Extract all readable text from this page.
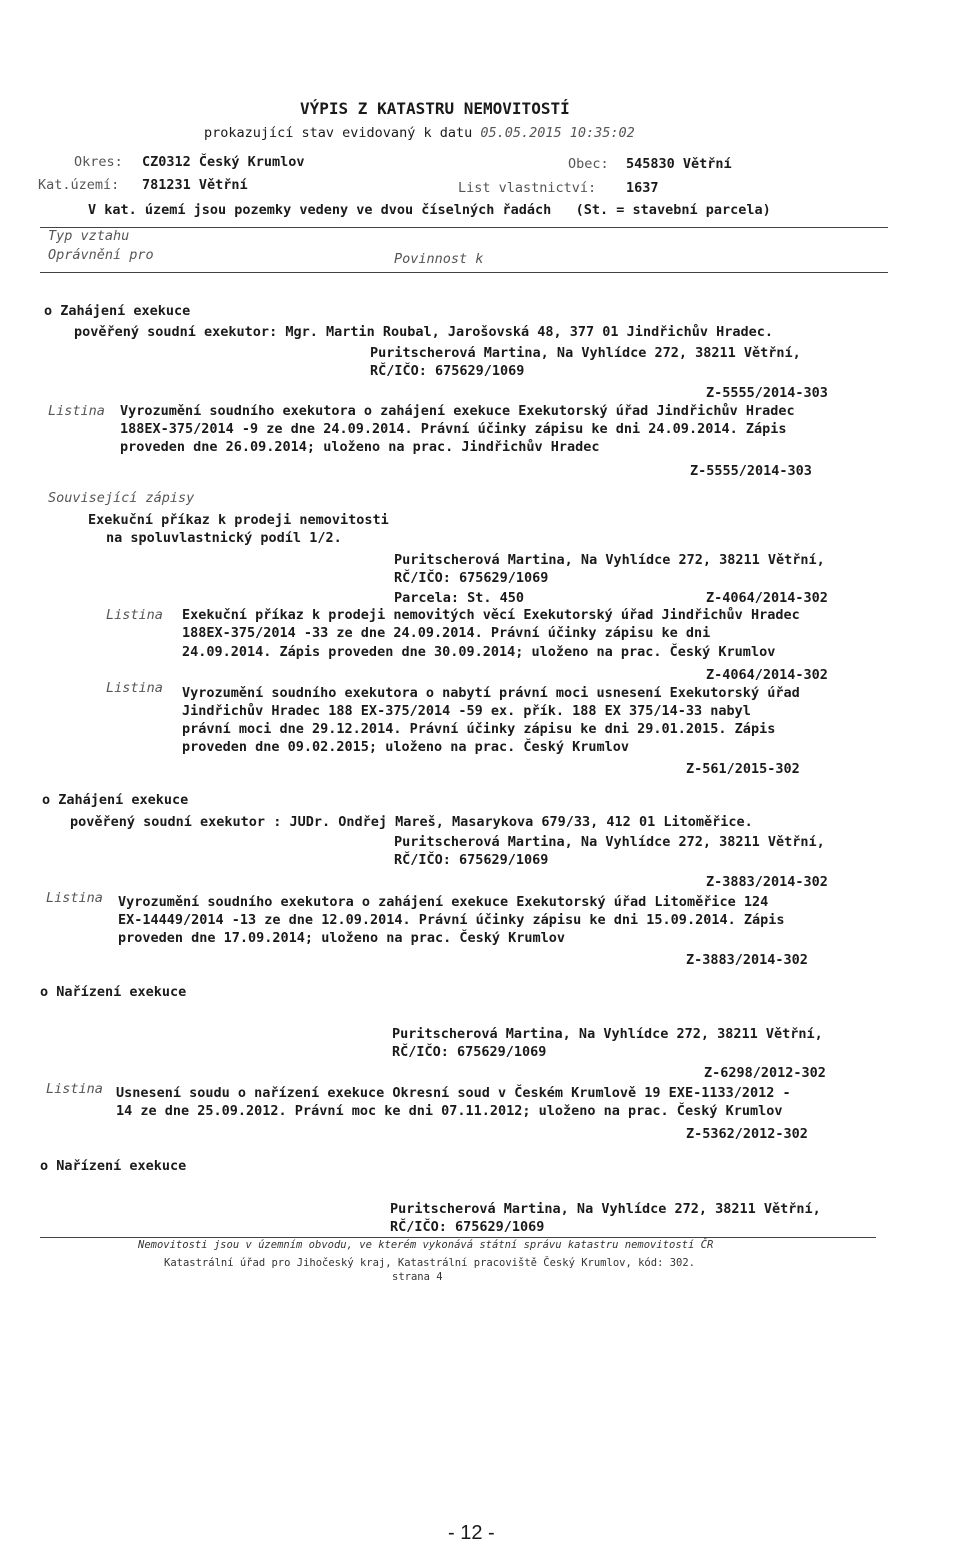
VÝPIS Z KATASTRU NEMOVITOSTÍ
prokazující stav evidovaný k datu 05.05.2015 10:35:02
Okres: CZ0312 Český Krumlov	Obec: 545830 Větřní
Kat.území: 781231 Větřní	List vlastnictví: 1637
V kat. území jsou pozemky vedeny ve dvou číselných řadách   (St. = stavební parcela)
Typ vztahu
Oprávnění pro	Povinnost k
o Zahájení exekuce
pověřený soudní exekutor: Mgr. Martin Roubal, Jarošovská 48, 377 01 Jindřichův Hradec.
Puritscherová Martina, Na Vyhlídce 272, 38211 Větřní,
RČ/IČO: 675629/1069
Z-5555/2014-303
Listina Vyrozumění soudního exekutora o zahájení exekuce Exekutorský úřad Jindřichův Hradec
188EX-375/2014 -9 ze dne 24.09.2014. Právní účinky zápisu ke dni 24.09.2014. Zápis
proveden dne 26.09.2014; uloženo na prac. Jindřichův Hradec
Z-5555/2014-303
Související zápisy
Exekuční příkaz k prodeji nemovitosti
na spoluvlastnický podíl 1/2.
Puritscherová Martina, Na Vyhlídce 272, 38211 Větřní,
RČ/IČO: 675629/1069
Parcela: St. 450	Z-4064/2014-302
Listina Exekuční příkaz k prodeji nemovitých věcí Exekutorský úřad Jindřichův Hradec
188EX-375/2014 -33 ze dne 24.09.2014. Právní účinky zápisu ke dni
24.09.2014. Zápis proveden dne 30.09.2014; uloženo na prac. Český Krumlov
Z-4064/2014-302
Listina Vyrozumění soudního exekutora o nabytí právní moci usnesení Exekutorský úřad
Jindřichův Hradec 188 EX-375/2014 -59 ex. přík. 188 EX 375/14-33 nabyl
právní moci dne 29.12.2014. Právní účinky zápisu ke dni 29.01.2015. Zápis
proveden dne 09.02.2015; uloženo na prac. Český Krumlov
Z-561/2015-302
o Zahájení exekuce
pověřený soudní exekutor : JUDr. Ondřej Mareš, Masarykova 679/33, 412 01 Litoměřice.
Puritscherová Martina, Na Vyhlídce 272, 38211 Větřní,
RČ/IČO: 675629/1069
Z-3883/2014-302
Listina Vyrozumění soudního exekutora o zahájení exekuce Exekutorský úřad Litoměřice 124
EX-14449/2014 -13 ze dne 12.09.2014. Právní účinky zápisu ke dni 15.09.2014. Zápis
proveden dne 17.09.2014; uloženo na prac. Český Krumlov
Z-3883/2014-302
o Nařízení exekuce
Puritscherová Martina, Na Vyhlídce 272, 38211 Větřní,
RČ/IČO: 675629/1069
Z-6298/2012-302
Listina Usnesení soudu o nařízení exekuce Okresní soud v Českém Krumlově 19 EXE-1133/2012 -
14 ze dne 25.09.2012. Právní moc ke dni 07.11.2012; uloženo na prac. Český Krumlov
Z-5362/2012-302
o Nařízení exekuce
Puritscherová Martina, Na Vyhlídce 272, 38211 Větřní,
RČ/IČO: 675629/1069
Nemovitosti jsou v územním obvodu, ve kterém vykonává státní správu katastru nemovitostí ČR
Katastrální úřad pro Jihočeský kraj, Katastrální pracoviště Český Krumlov, kód: 302.
strana 4
- 12 -
